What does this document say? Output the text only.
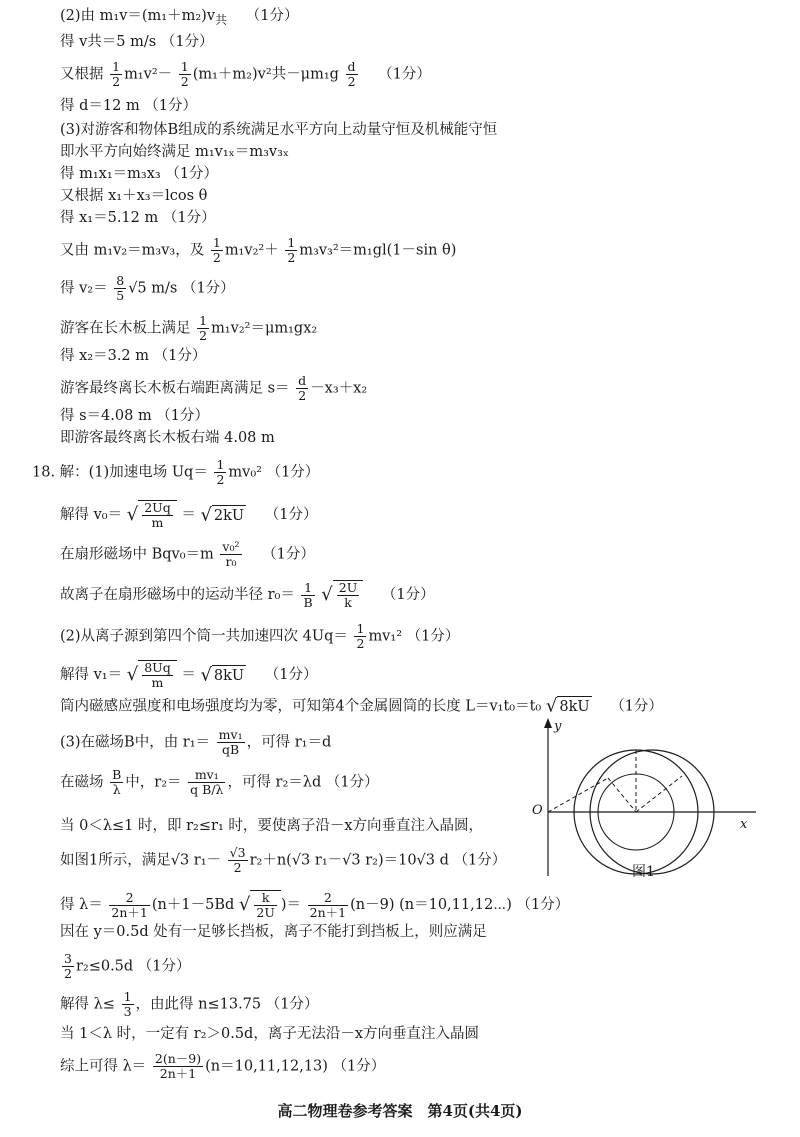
(2)由 $m_1v=(m_1+m_2)v_共$ （1分）
得 v共＝5 m/s （1分）
又根据 $\frac{1}{2} m_1v^2- \frac{1}{2} (m_1+m_2)v^2$共$-\mu m_1g \frac{d}{2} (1$分）
得 d＝12 m （1分）
(3)对游客和物体B组成的系统满足水平方向上动量守恒及机械能守恒
即水平方向始终满足 m₁v₁ₓ＝m₃v₃ₓ
得 m₁x₁＝m₃x₃ （1分）
又根据 x₁＋x₃＝lcos θ
得 x₁＝5.12 m （1分）
又由 m₁v₂＝m₃v₃，及 $\frac{1}{2} m_1v_2^2+ \frac{1}{2} m_3v_3^2=m_1gl(1-\sin$ θ)
得 $v_2= \frac{8}{5} √5$ m/s （1分）
游客在长木板上满足 $\frac{1}{2} m_1v_2^2=\mu m_1gx_2$
得 x₂＝3.2 m （1分）
游客最终离长木板右端距离满足 $s= \frac{d}{2} -x_3+x_2$
得 s＝4.08 m （1分）
即游客最终离长木板右端 4.08 m
18. 解：(1)加速电场 $Uq= \frac{1}{2} mv_0^2$ （1分）
解得 v₀＝ √ $\frac{2Uq}{m}$ ＝ √ 2kU （1分）
在扇形磁场中 $Bqv_0=m \frac{\text{v₀²}}{\text{r₀}} (1$分）
故离子在扇形磁场中的运动半径 $r_0= \frac{1}{B}$ √ $\frac{2U}{k} (1$分）
(2)从离子源到第四个筒一共加速四次 $4Uq= \frac{1}{2} mv_1^2$ （1分）
解得 v₁＝ √ $\frac{8Uq}{m}$ ＝ √ 8kU （1分）
筒内磁感应强度和电场强度均为零，可知第4个金属圆筒的长度 L＝v₁t₀＝t₀ √ 8kU （1分）
(3)在磁场B中，由 $r_1= \frac{\text{mv₁}}{qB}$ ，可得 r₁＝d
在磁场 $\frac{B}{\lambda}$ 中，$r_2= \frac{\text{mv₁}}{\text{q B/λ}}$ ，可得 r₂＝λd （1分）
当 0＜λ≤1 时，即 r₂≤r₁ 时，要使离子沿－x方向垂直注入晶圆，
如图1所示，满足√3 $r_1- \frac{√3}{2} r_2+n(√3$ r₁－√3 r₂)＝10√3 d （1分）
得 $\lambda= \frac{2}{2n+1} (n+1-5Bd$ √ $\frac{k}{2U}$ )＝ $\frac{2}{2n+1} (n-9)$ (n＝10,11,12⋯) （1分）
因在 y＝0.5d 处有一足够长挡板，离子不能打到挡板上，则应满足
$\frac{3}{2} r_2\le 0.5d$ （1分）
解得 $\lambda\le \frac{1}{3}$ ，由此得 n≤13.75 （1分）
当 1＜λ 时，一定有 r₂＞0.5d，离子无法沿－x方向垂直注入晶圆
综上可得 $\lambda= \frac{2(n-9)}{2n+1} (n=10,11,12,13)$ （1分）
y
x
O
图1
高二物理卷参考答案　第4页(共4页)
